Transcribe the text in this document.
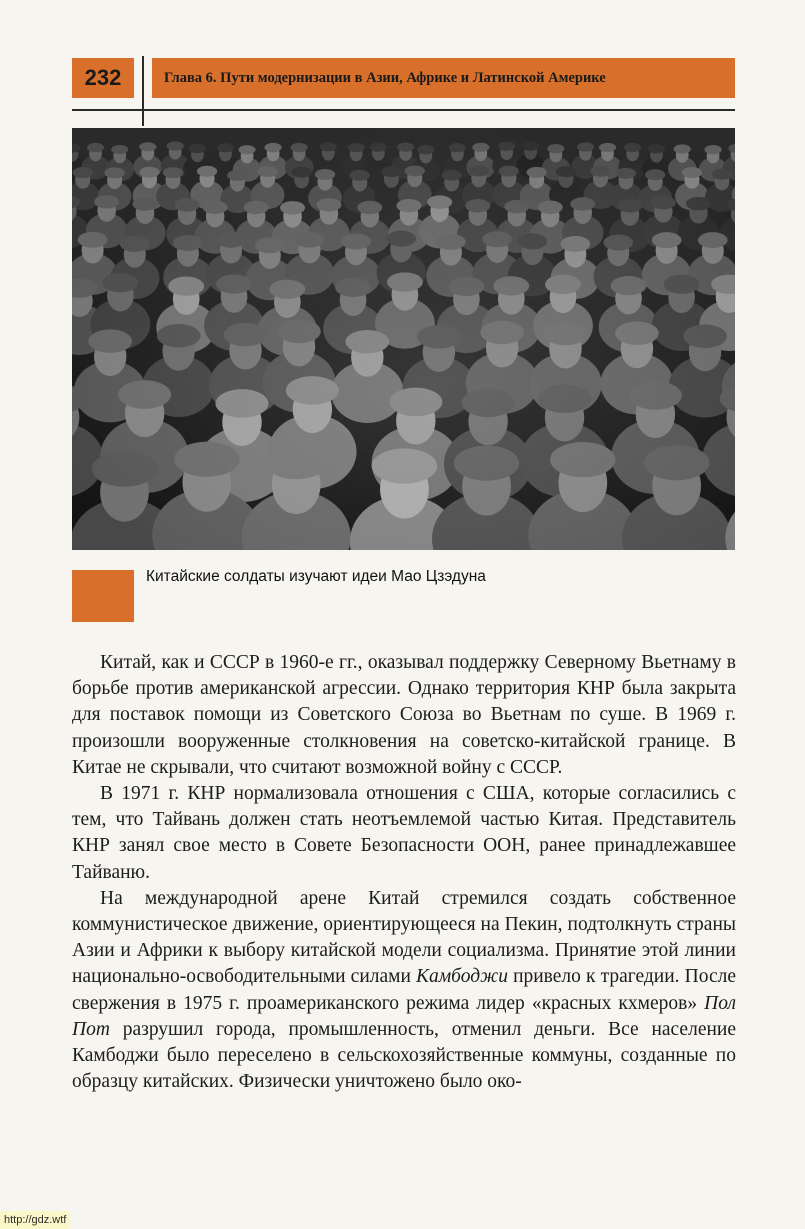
232	Глава 6. Пути модернизации в Азии, Африке и Латинской Америке
Китайские солдаты изучают идеи Мао Цзэдуна

Китай, как и СССР в 1960-е гг., оказывал поддержку Северному Вьетнаму в борьбе против американской агрессии. Однако территория КНР была закрыта для поставок помощи из Советского Союза во Вьетнам по суше. В 1969 г. произошли вооруженные столкновения на советско-китайской границе. В Китае не скрывали, что считают возможной войну с СССР.

В 1971 г. КНР нормализовала отношения с США, которые согласились с тем, что Тайвань должен стать неотъемлемой частью Китая. Представитель КНР занял свое место в Совете Безопасности ООН, ранее принадлежавшее Тайваню.

На международной арене Китай стремился создать собственное коммунистическое движение, ориентирующееся на Пекин, подтолкнуть страны Азии и Африки к выбору китайской модели социализма. Принятие этой линии национально-освободительными силами Камбоджи привело к трагедии. После свержения в 1975 г. проамериканского режима лидер «красных кхмеров» Пол Пот разрушил города, промышленность, отменил деньги. Все население Камбоджи было переселено в сельскохозяйственные коммуны, созданные по образцу китайских. Физически уничтожено было око-

http://gdz.wtf
